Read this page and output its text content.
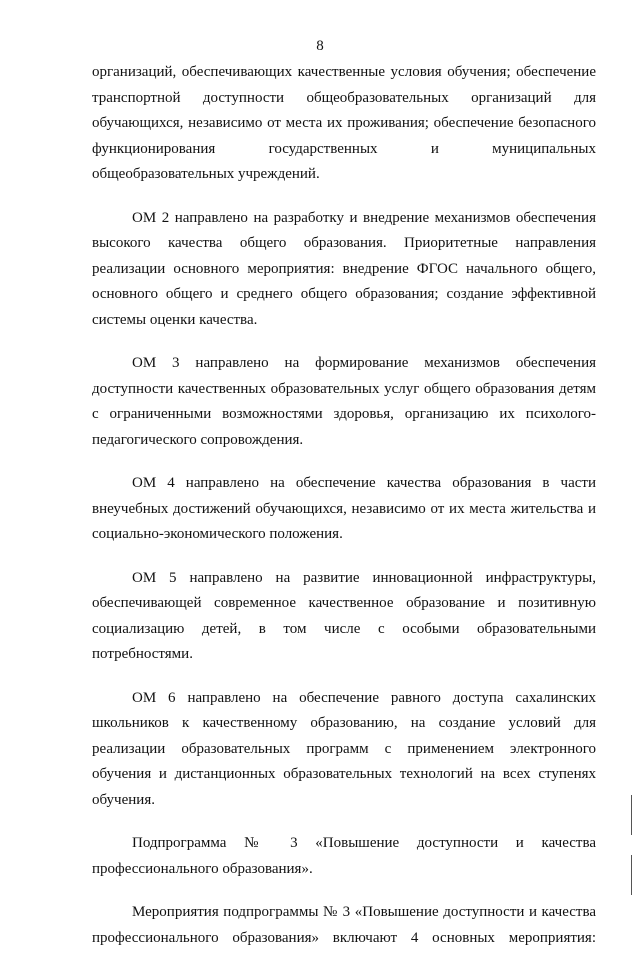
8

организаций, обеспечивающих качественные условия обучения; обеспечение
транспортной доступности общеобразовательных организаций для
обучающихся, независимо от места их проживания; обеспечение безопасного
функционирования государственных и муниципальных
общеобразовательных учреждений.

ОМ 2 направлено на разработку и внедрение механизмов обеспечения
высокого качества общего образования. Приоритетные направления
реализации основного мероприятия: внедрение ФГОС начального общего,
основного общего и среднего общего образования; создание эффективной
системы оценки качества.

ОМ 3 направлено на формирование механизмов обеспечения
доступности качественных образовательных услуг общего образования детям
с ограниченными возможностями здоровья, организацию их психолого-
педагогического сопровождения.

ОМ 4 направлено на обеспечение качества образования в части
внеучебных достижений обучающихся, независимо от их места жительства и
социально-экономического положения.

ОМ 5 направлено на развитие инновационной инфраструктуры,
обеспечивающей современное качественное образование и позитивную
социализацию детей, в том числе с особыми образовательными
потребностями.

ОМ 6 направлено на обеспечение равного доступа сахалинских
школьников к качественному образованию, на создание условий для
реализации образовательных программ с применением электронного
обучения и дистанционных образовательных технологий на всех ступенях
обучения.

Подпрограмма № 3 «Повышение доступности и качества
профессионального образования».

Мероприятия подпрограммы № 3 «Повышение доступности и качества
профессионального образования» включают 4 основных мероприятия:
